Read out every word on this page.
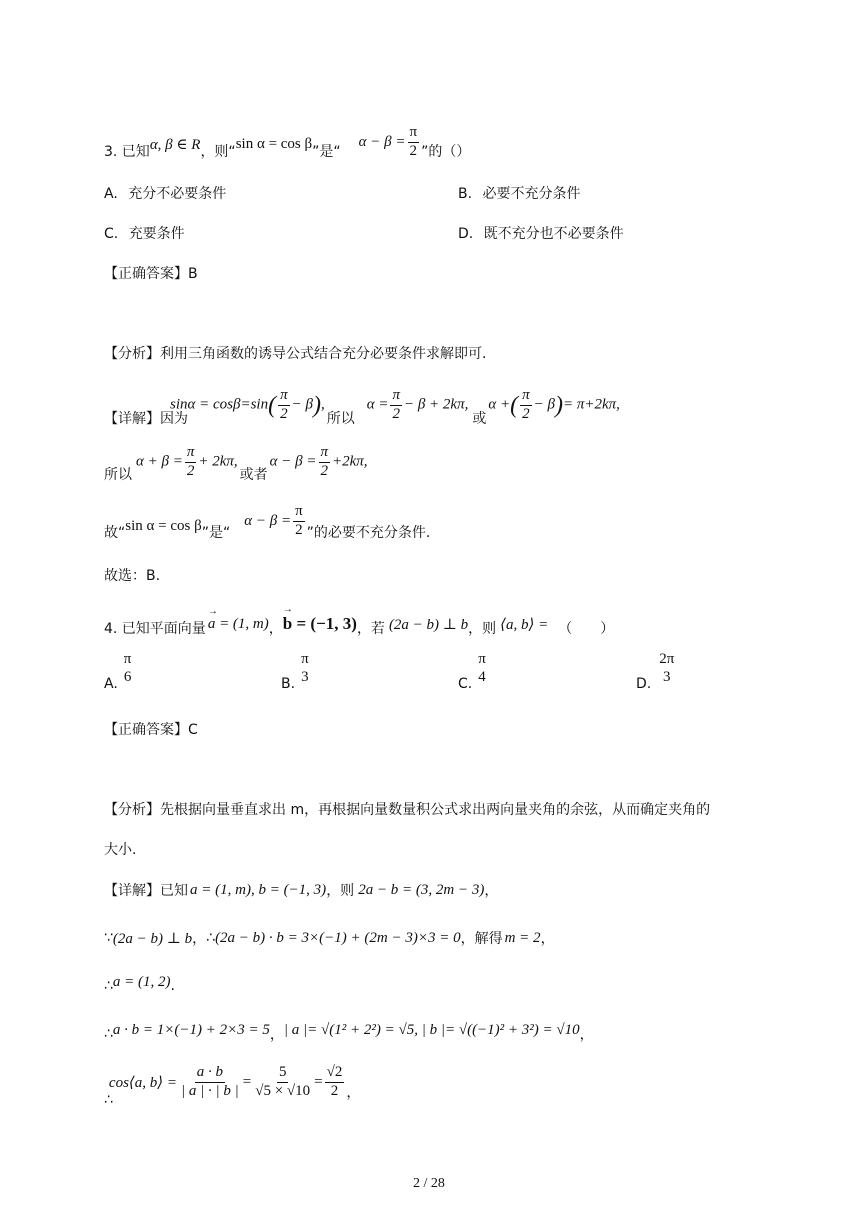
3. 已知 α, β ∈ R ，则“
sin α = cos β
”是“
$\alpha - \beta = \frac{\pi}{2}$ ”的（）
A. 充分不必要条件	B. 必要不充分条件
C. 充要条件	D. 既不充分也不必要条件
【正确答案】B
【分析】利用三角函数的诱导公式结合充分必要条件求解即可.
【详解】 因为
$\sin\alpha = \cos\beta=\sin( \frac{\pi}{2} - \beta)$,
所以
$\alpha = \frac{\pi}{2} - \beta + 2k\pi$,
或
α +( $\frac{\pi}{2} - \beta)= \pi+2k\pi$,
所以
$\alpha + \beta = \frac{\pi}{2} + 2k\pi$,
或者
$\alpha - \beta = \frac{\pi}{2} +2k\pi$,
故“ sin α = cos β ”是“
$\alpha - \beta = \frac{\pi}{2}$ ”的必要不充分条件.
故选：B.
4. 已知平面向量 → a = (1, m) ， → b = (−1, 3) ，若 (2a − b) ⊥ b ，则 ⟨a, b⟩ = （　　）
A.
π
6	B.
π
3	C.
π
4	D.
2π
3
【正确答案】C
【分析】先根据向量垂直求出 m，再根据向量数量积公式求出两向量夹角的余弦，从而确定夹角的
大小.
【详解】 已知 a = (1, m), b = (−1, 3) ，则 2a − b = (3, 2m − 3) ，
∵ (2a − b) ⊥ b ， ∴ (2a − b) · b = 3×(−1) + (2m − 3)×3 = 0 ，解得 m = 2 ，
∴ a = (1, 2) .
∴ a · b = 1×(−1) + 2×3 = 5 ， | a |= √(1² + 2²) = √5, | b |= √((−1)² + 3²) = √10 ，
∴
cos⟨a, b⟩ = $\frac{a \cdot b}{| a | \cdot | b |} = \frac{5}{√5 \times √10} = \frac{√2}{2}$ ，
2 / 28
